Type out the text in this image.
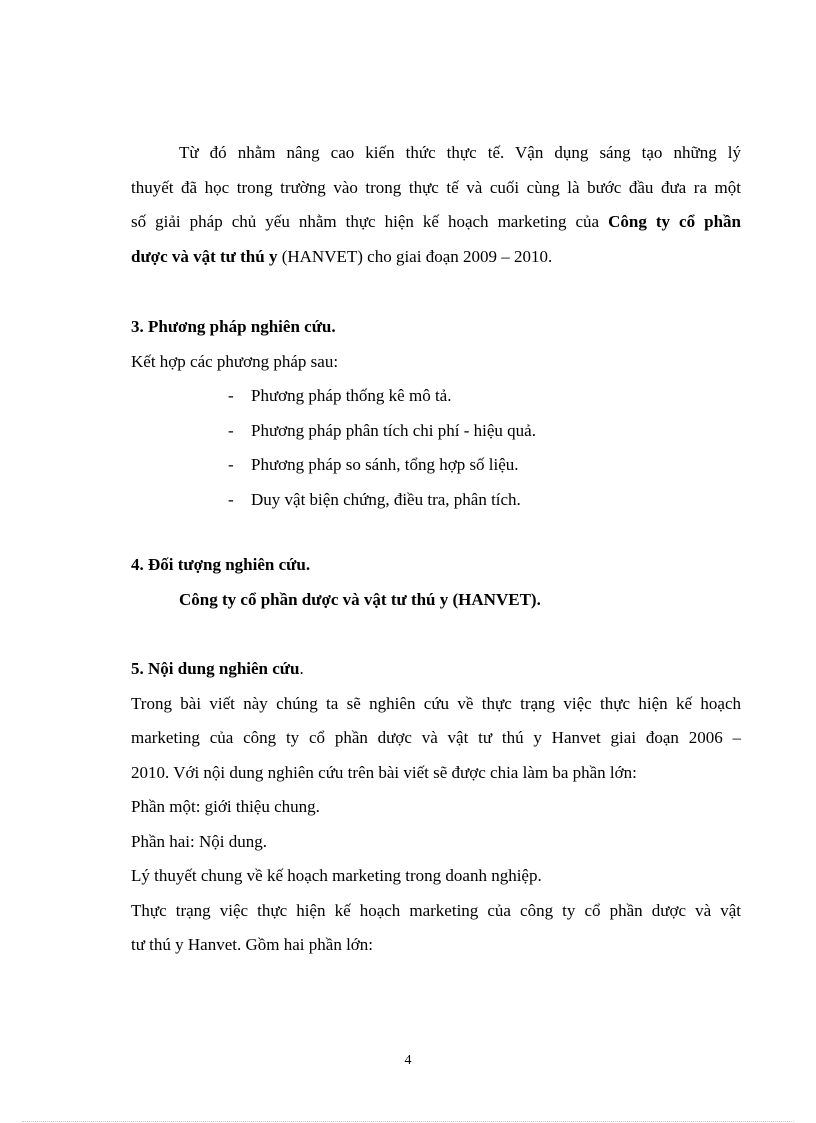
Từ đó nhằm nâng cao kiến thức thực tế. Vận dụng sáng tạo những lý
thuyết đã học trong trường vào trong thực tế và cuối cùng là bước đầu đưa ra một
số giải pháp chủ yếu nhằm thực hiện kế hoạch marketing của Công ty cổ phần
dược và vật tư thú y (HANVET) cho giai đoạn 2009 – 2010.
3. Phương pháp nghiên cứu.
Kết hợp các phương pháp sau:
- Phương pháp thống kê mô tả.
- Phương pháp phân tích chi phí - hiệu quả.
- Phương pháp so sánh, tổng hợp số liệu.
- Duy vật biện chứng, điều tra, phân tích.
4. Đối tượng nghiên cứu.
Công ty cổ phần dược và vật tư thú y (HANVET).
5. Nội dung nghiên cứu.
Trong bài viết này chúng ta sẽ nghiên cứu về thực trạng việc thực hiện kế hoạch
marketing của công ty cổ phần dược và vật tư thú y Hanvet giai đoạn 2006 –
2010. Với nội dung nghiên cứu trên bài viết sẽ được chia làm ba phần lớn:
Phần một: giới thiệu chung.
Phần hai: Nội dung.
Lý thuyết chung về kế hoạch marketing trong doanh nghiệp.
Thực trạng việc thực hiện kế hoạch marketing của công ty cổ phần dược và vật
tư thú y Hanvet. Gồm hai phần lớn:
4
